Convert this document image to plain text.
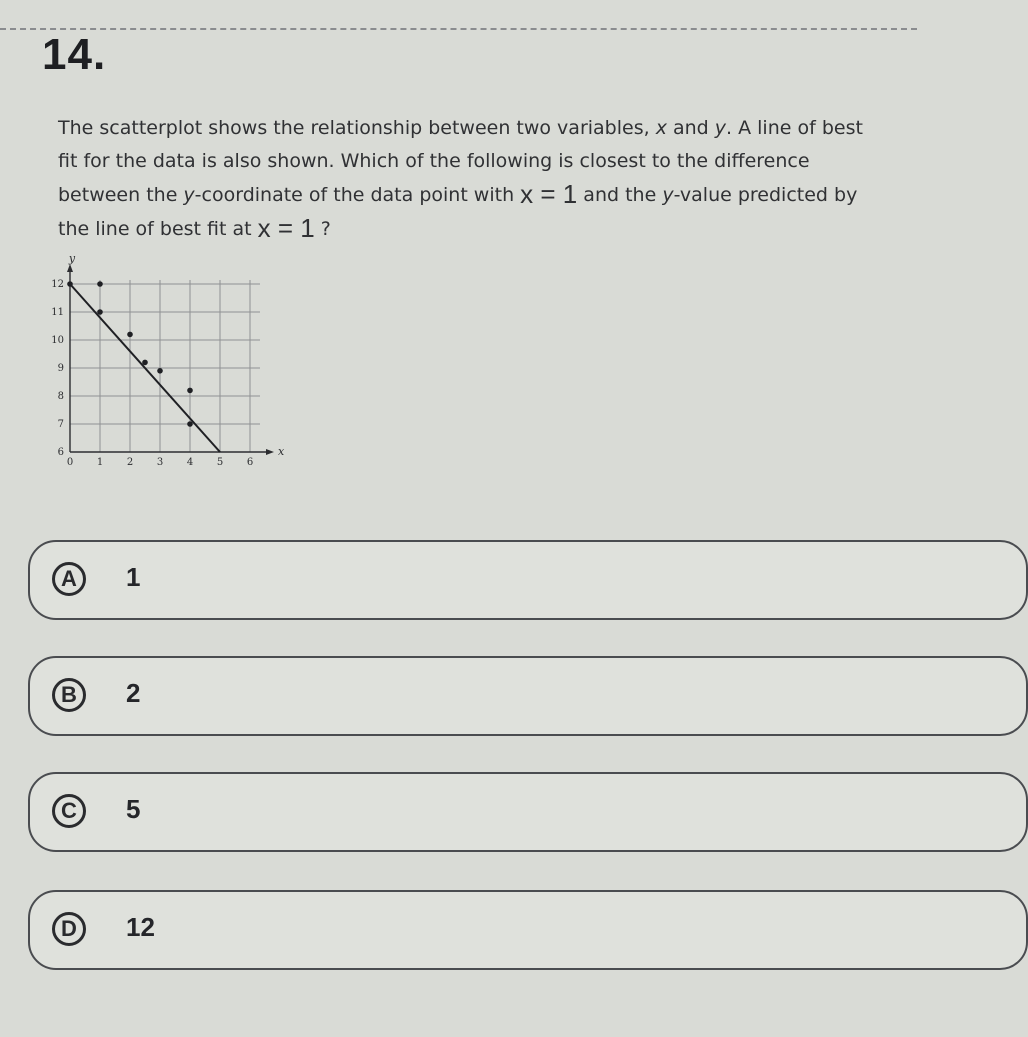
14.

The scatterplot shows the relationship between two variables, x and y. A line of best fit for the data is also shown. Which of the following is closest to the difference between the y-coordinate of the data point with x = 1 and the y-value predicted by the line of best fit at x = 1 ?

0 1 2 3 4 5 6
6
7
8
9
10
11
12
x
y
A	1
B	2
C	5
D	12
